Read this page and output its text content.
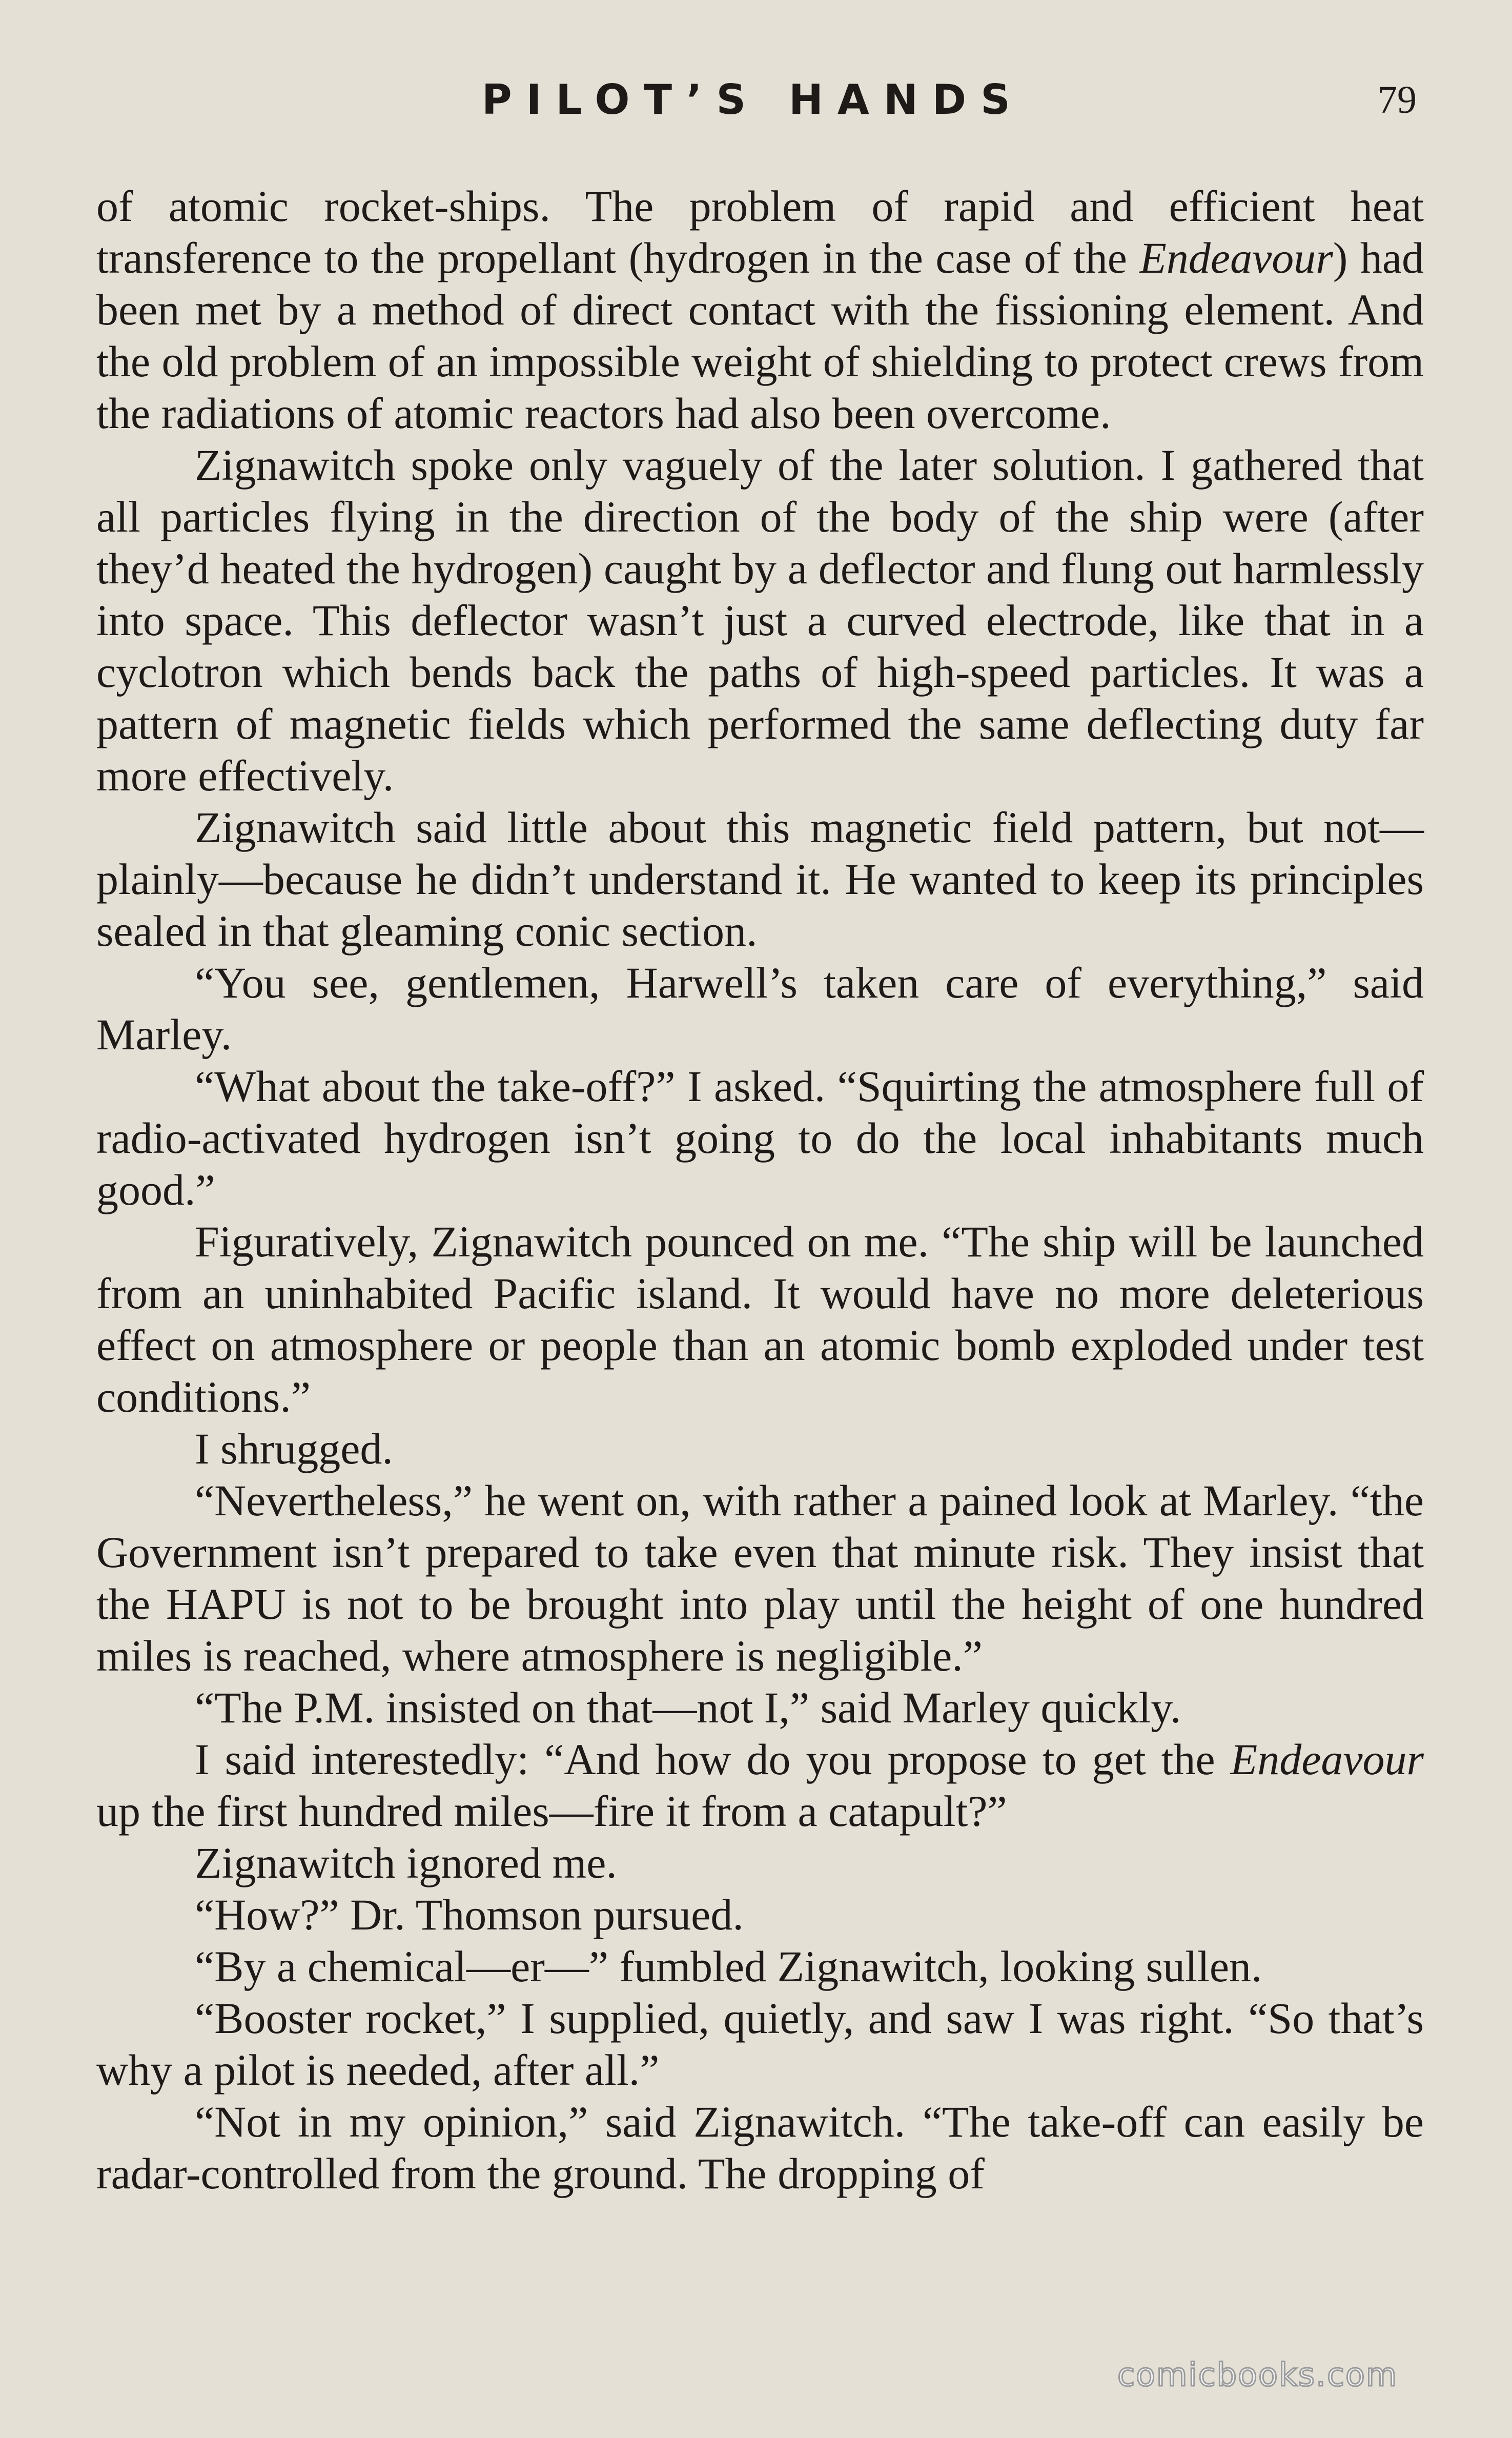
PILOT’S HANDS	79

of atomic rocket-ships. The problem of rapid and efficient heat transference to the propellant (hydrogen in the case of the Endeavour) had been met by a method of direct contact with the fissioning element. And the old problem of an impossible weight of shielding to protect crews from the radiations of atomic reactors had also been overcome.

Zignawitch spoke only vaguely of the later solution. I gathered that all particles flying in the direction of the body of the ship were (after they’d heated the hydrogen) caught by a deflector and flung out harmlessly into space. This deflector wasn’t just a curved electrode, like that in a cyclotron which bends back the paths of high-speed particles. It was a pattern of magnetic fields which performed the same deflecting duty far more effectively.

Zignawitch said little about this magnetic field pattern, but not—plainly—because he didn’t understand it. He wanted to keep its principles sealed in that gleaming conic section.

“You see, gentlemen, Harwell’s taken care of everything,” said Marley.

“What about the take-off?” I asked. “Squirting the atmosphere full of radio-activated hydrogen isn’t going to do the local inhabitants much good.”

Figuratively, Zignawitch pounced on me. “The ship will be launched from an uninhabited Pacific island. It would have no more deleterious effect on atmosphere or people than an atomic bomb exploded under test conditions.”

I shrugged.

“Nevertheless,” he went on, with rather a pained look at Marley. “the Government isn’t prepared to take even that minute risk. They insist that the HAPU is not to be brought into play until the height of one hundred miles is reached, where atmosphere is negligible.”

“The P.M. insisted on that—not I,” said Marley quickly.

I said interestedly: “And how do you propose to get the Endeavour up the first hundred miles—fire it from a catapult?”

Zignawitch ignored me.

“How?” Dr. Thomson pursued.

“By a chemical—er—” fumbled Zignawitch, looking sullen.

“Booster rocket,” I supplied, quietly, and saw I was right. “So that’s why a pilot is needed, after all.”

“Not in my opinion,” said Zignawitch. “The take-off can easily be radar-controlled from the ground. The dropping of

comicbooks.com
